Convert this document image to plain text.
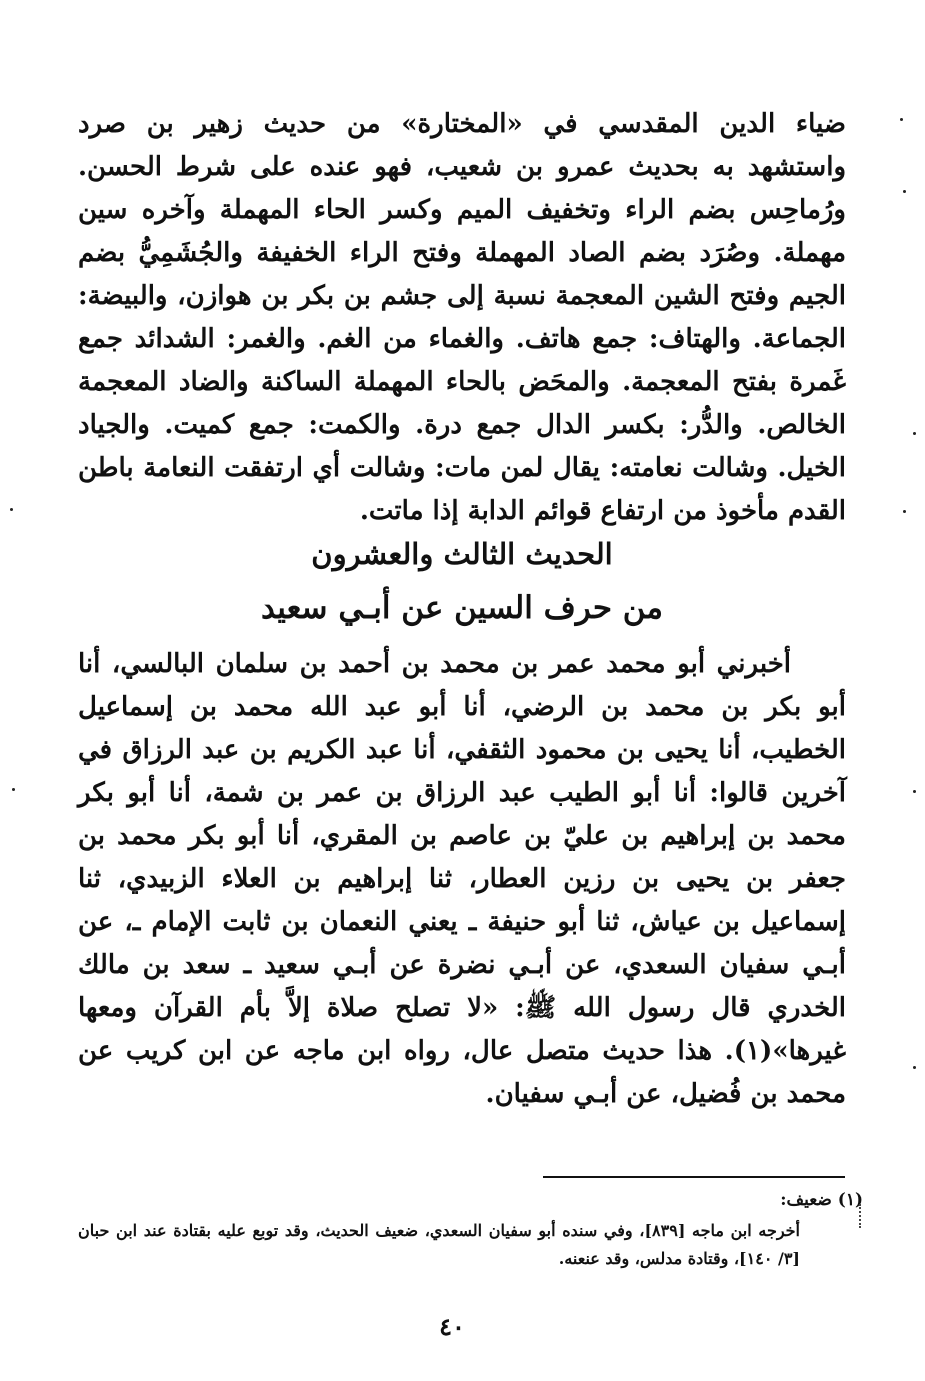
ضياء الدين المقدسي في «المختارة» من حديث زهير بن صرد واستشهد به بحديث عمرو بن شعيب، فهو عنده على شرط الحسن. ورُماحِس بضم الراء وتخفيف الميم وكسر الحاء المهملة وآخره سين مهملة. وصُرَد بضم الصاد المهملة وفتح الراء الخفيفة والجُشَمِيُّ بضم الجيم وفتح الشين المعجمة نسبة إلى جشم بن بكر بن هوازن، والبيضة: الجماعة. والهتاف: جمع هاتف. والغماء من الغم. والغمر: الشدائد جمع غَمرة بفتح المعجمة. والمحَض بالحاء المهملة الساكنة والضاد المعجمة الخالص. والدُّر: بكسر الدال جمع درة. والكمت: جمع كميت. والجياد الخيل. وشالت نعامته: يقال لمن مات: وشالت أي ارتفقت النعامة باطن القدم مأخوذ من ارتفاع قوائم الدابة إذا ماتت.
الحديث الثالث والعشرون
من حرف السين عن أبـي سعيد
أخبرني أبو محمد عمر بن محمد بن أحمد بن سلمان البالسي، أنا أبو بكر بن محمد بن الرضي، أنا أبو عبد الله محمد بن إسماعيل الخطيب، أنا يحيى بن محمود الثقفي، أنا عبد الكريم بن عبد الرزاق في آخرين قالوا: أنا أبو الطيب عبد الرزاق بن عمر بن شمة، أنا أبو بكر محمد بن إبراهيم بن عليّ بن عاصم بن المقري، أنا أبو بكر محمد بن جعفر بن يحيى بن رزين العطار، ثنا إبراهيم بن العلاء الزبيدي، ثنا إسماعيل بن عياش، ثنا أبو حنيفة ـ يعني النعمان بن ثابت الإمام ـ، عن أبـي سفيان السعدي، عن أبـي نضرة عن أبـي سعيد ـ سعد بن مالك الخدري قال رسول الله ﷺ: «لا تصلح صلاة إلاَّ بأم القرآن ومعها غيرها»(١). هذا حديث متصل عال، رواه ابن ماجه عن ابن كريب عن محمد بن فُضيل، عن أبـي سفيان.
(١) ضعيف:
أخرجه ابن ماجه [٨٣٩]، وفي سنده أبو سفيان السعدي، ضعيف الحديث، وقد توبع عليه بقتادة عند ابن حبان [٣/ ١٤٠]، وقتادة مدلس، وقد عنعنه.
٤٠
